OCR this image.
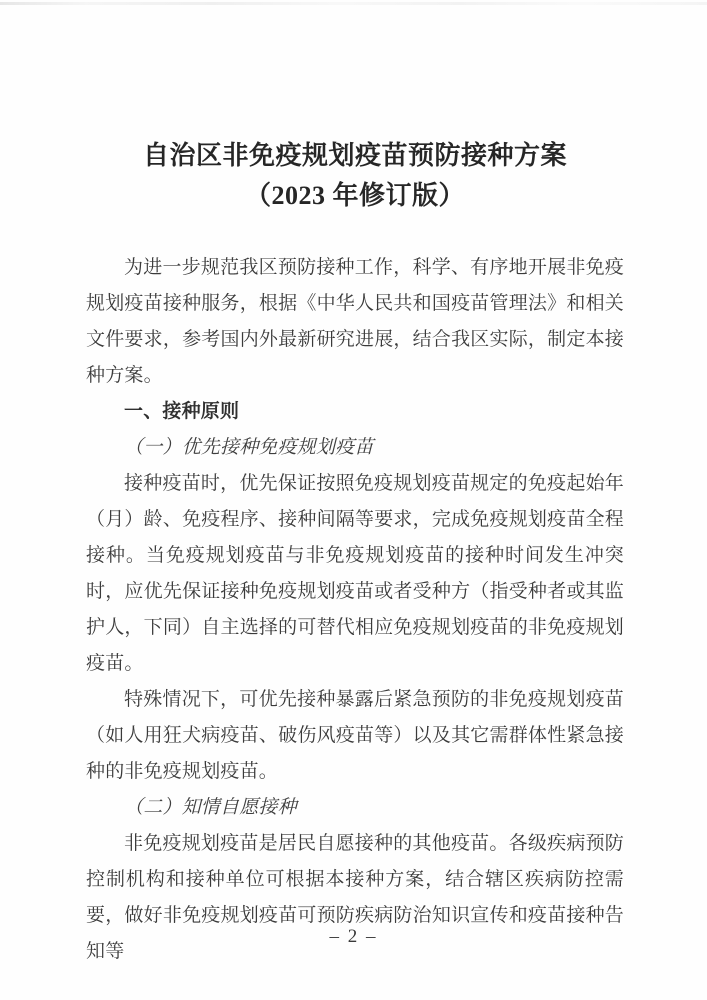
自治区非免疫规划疫苗预防接种方案
（2023 年修订版）

为进一步规范我区预防接种工作，科学、有序地开展非免疫规划疫苗接种服务，根据《中华人民共和国疫苗管理法》和相关文件要求，参考国内外最新研究进展，结合我区实际，制定本接种方案。

一、接种原则

（一）优先接种免疫规划疫苗

接种疫苗时，优先保证按照免疫规划疫苗规定的免疫起始年（月）龄、免疫程序、接种间隔等要求，完成免疫规划疫苗全程接种。当免疫规划疫苗与非免疫规划疫苗的接种时间发生冲突时，应优先保证接种免疫规划疫苗或者受种方（指受种者或其监护人，下同）自主选择的可替代相应免疫规划疫苗的非免疫规划疫苗。

特殊情况下，可优先接种暴露后紧急预防的非免疫规划疫苗（如人用狂犬病疫苗、破伤风疫苗等）以及其它需群体性紧急接种的非免疫规划疫苗。

（二）知情自愿接种

非免疫规划疫苗是居民自愿接种的其他疫苗。各级疾病预防控制机构和接种单位可根据本接种方案，结合辖区疾病防控需要，做好非免疫规划疫苗可预防疾病防治知识宣传和疫苗接种告知等

– 2 –
